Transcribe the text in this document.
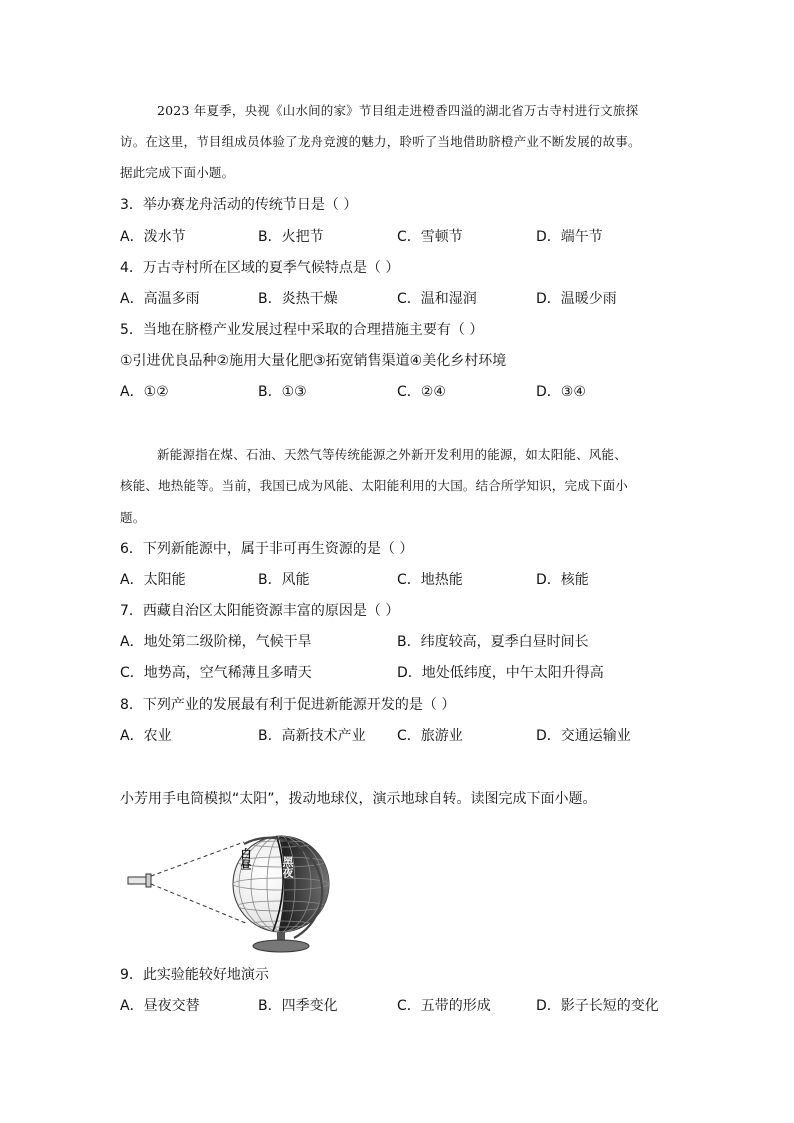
2023 年夏季，央视《山水间的家》节目组走进橙香四溢的湖北省万古寺村进行文旅探
访。在这里，节目组成员体验了龙舟竞渡的魅力，聆听了当地借助脐橙产业不断发展的故事。
据此完成下面小题。
3．举办赛龙舟活动的传统节日是（ ）
A．泼水节	B．火把节	C．雪顿节	D．端午节
4．万古寺村所在区域的夏季气候特点是（ ）
A．高温多雨	B．炎热干燥	C．温和湿润	D．温暖少雨
5．当地在脐橙产业发展过程中采取的合理措施主要有（ ）
①引进优良品种②施用大量化肥③拓宽销售渠道④美化乡村环境
A．①②	B．①③	C．②④	D．③④
新能源指在煤、石油、天然气等传统能源之外新开发利用的能源，如太阳能、风能、
核能、地热能等。当前，我国已成为风能、太阳能利用的大国。结合所学知识，完成下面小
题。
6．下列新能源中，属于非可再生资源的是（ ）
A．太阳能	B．风能	C．地热能	D．核能
7．西藏自治区太阳能资源丰富的原因是（ ）
A．地处第二级阶梯，气候干旱	B．纬度较高，夏季白昼时间长
C．地势高，空气稀薄且多晴天	D．地处低纬度，中午太阳升得高
8．下列产业的发展最有利于促进新能源开发的是（ ）
A．农业	B．高新技术产业 C．旅游业	D．交通运输业
小芳用手电筒模拟“太阳”，拨动地球仪，演示地球自转。读图完成下面小题。
白昼	黑夜
9．此实验能较好地演示
A．昼夜交替	B．四季变化	C．五带的形成	D．影子长短的变化
